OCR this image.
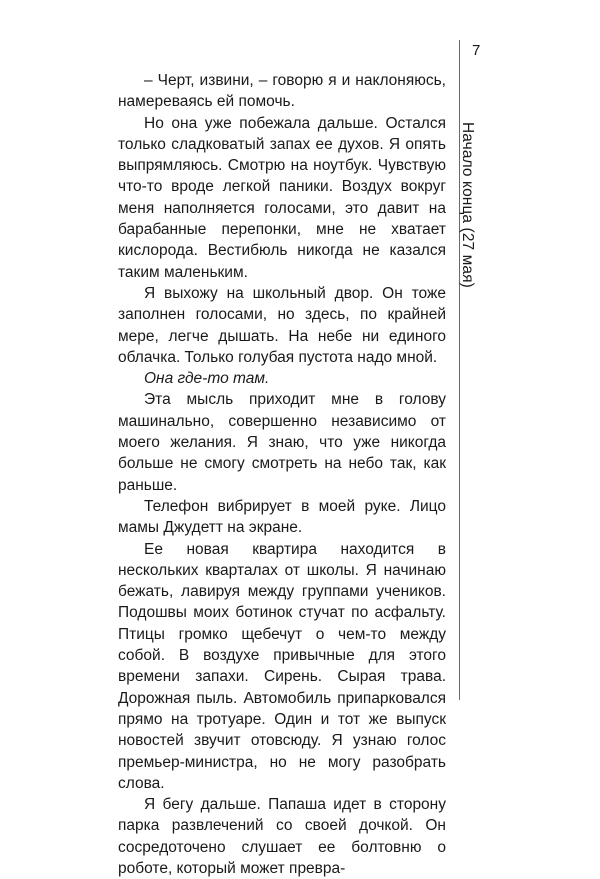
7
Начало конца (27 мая)

– Черт, извини, – говорю я и наклоняюсь, намереваясь ей помочь.

Но она уже побежала дальше. Остался только сладковатый запах ее духов. Я опять выпрямляюсь. Смотрю на ноутбук. Чувствую что-то вроде легкой паники. Воздух вокруг меня наполняется голосами, это давит на барабанные перепонки, мне не хватает кислорода. Вестибюль никогда не казался таким маленьким.

Я выхожу на школьный двор. Он тоже заполнен голосами, но здесь, по крайней мере, легче дышать. На небе ни единого облачка. Только голубая пустота надо мной.

Она где-то там.

Эта мысль приходит мне в голову машинально, совершенно независимо от моего желания. Я знаю, что уже никогда больше не смогу смотреть на небо так, как раньше.

Телефон вибрирует в моей руке. Лицо мамы Джудетт на экране.

Ее новая квартира находится в нескольких кварталах от школы. Я начинаю бежать, лавируя между группами учеников. Подошвы моих ботинок стучат по асфальту. Птицы громко щебечут о чем-то между собой. В воздухе привычные для этого времени запахи. Сирень. Сырая трава. Дорожная пыль. Автомобиль припарковался прямо на тротуаре. Один и тот же выпуск новостей звучит отовсюду. Я узнаю голос премьер-министра, но не могу разобрать слова.

Я бегу дальше. Папаша идет в сторону парка развлечений со своей дочкой. Он сосредоточено слушает ее болтовню о роботе, который может превра-
